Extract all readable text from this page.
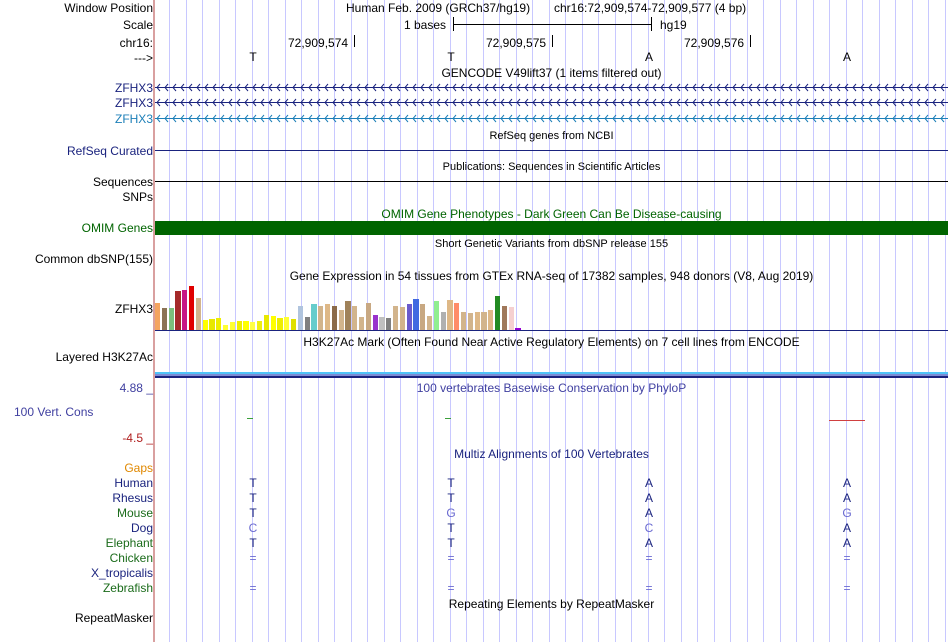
Window Position	Human Feb. 2009 (GRCh37/hg19) chr16:72,909,574-72,909,577 (4 bp)
Scale	1 bases	hg19
chr16:	72,909,574	72,909,575	72,909,576
--->	T	T	A	A
GENCODE V49lift37 (1 items filtered out)
ZFHX3
ZFHX3
ZFHX3
RefSeq genes from NCBI
RefSeq Curated
Publications: Sequences in Scientific Articles
Sequences
SNPs
OMIM Gene Phenotypes - Dark Green Can Be Disease-causing
OMIM Genes
Short Genetic Variants from dbSNP release 155
Common dbSNP(155)
Gene Expression in 54 tissues from GTEx RNA-seq of 17382 samples, 948 donors (V8, Aug 2019)
ZFHX3
H3K27Ac Mark (Often Found Near Active Regulatory Elements) on 7 cell lines from ENCODE
Layered H3K27Ac
4.88 _	100 vertebrates Basewise Conservation by PhyloP
100 Vert. Cons
-4.5 _
Multiz Alignments of 100 Vertebrates
Gaps
Human	T	T	A	A
Rhesus	T	T	A	A
Mouse	T	G	A	G
Dog	C	T	C	A
Elephant	T	T	A	A
Chicken	=	=	=	=
X_tropicalis
Zebrafish	=	=	=	=
Repeating Elements by RepeatMasker
RepeatMasker
